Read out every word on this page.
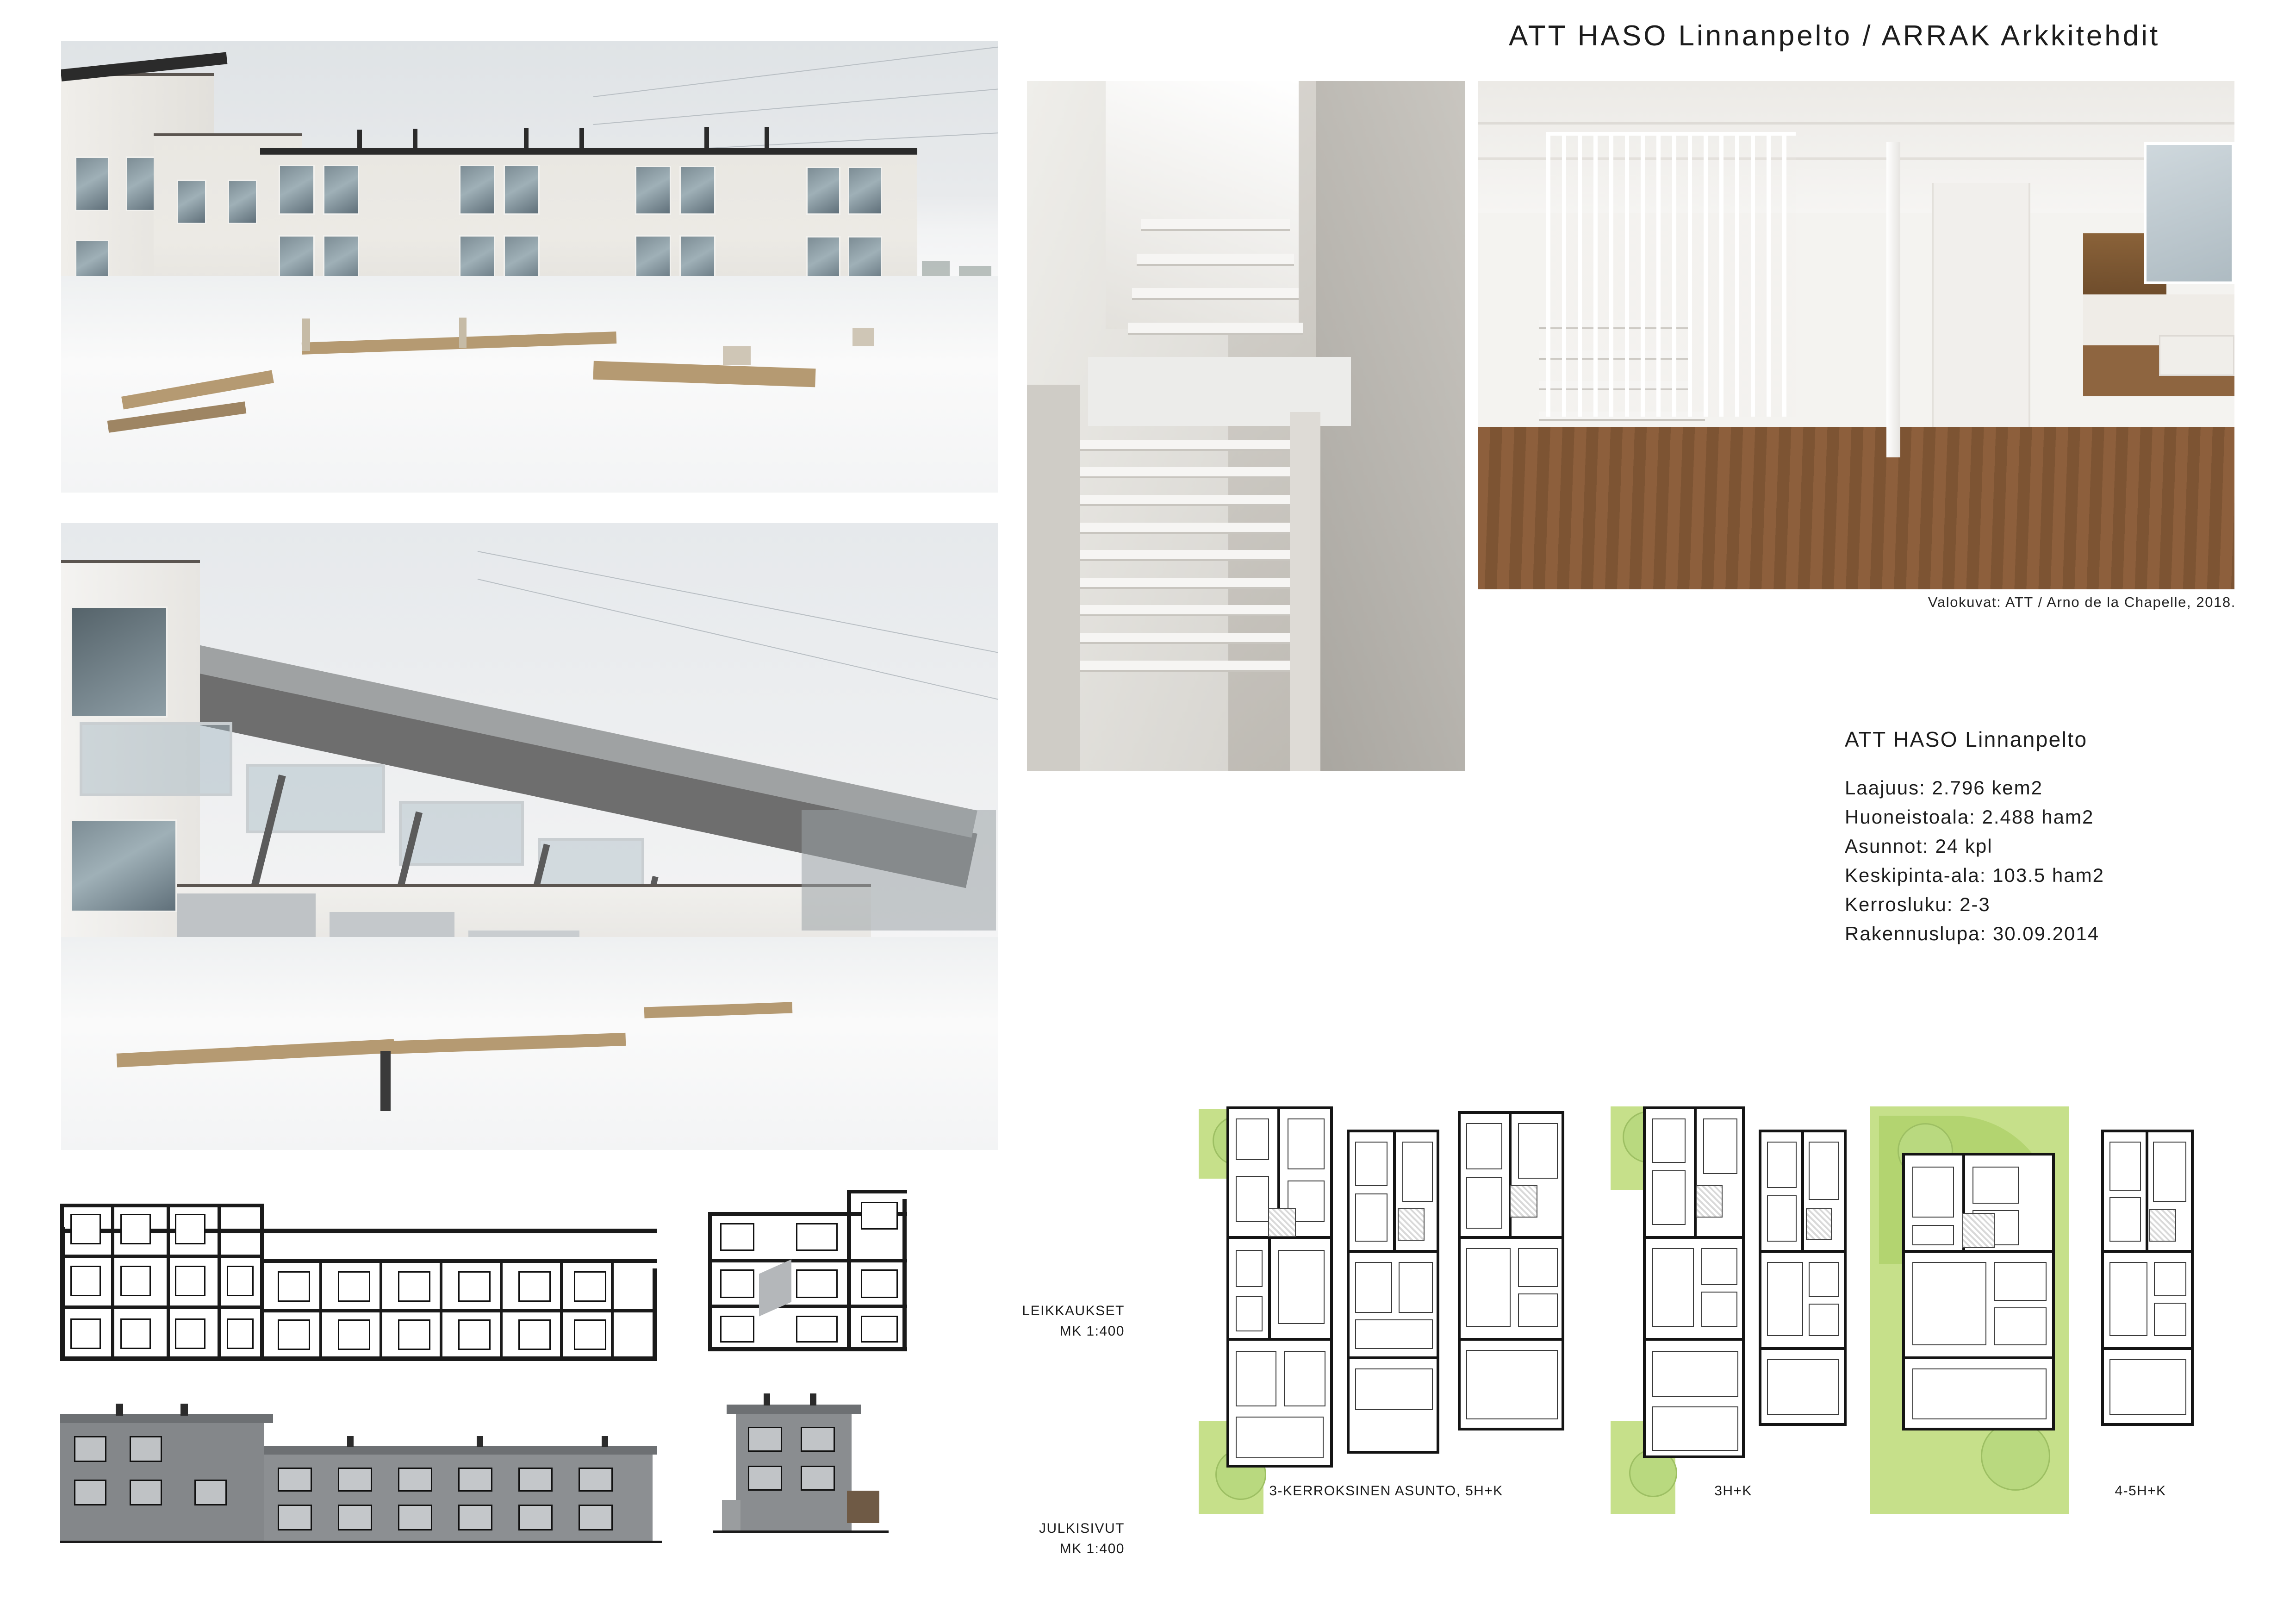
ATT HASO Linnanpelto / ARRAK Arkkitehdit
Valokuvat: ATT / Arno de la Chapelle, 2018.
ATT HASO Linnanpelto
Laajuus: 2.796 kem2
Huoneistoala: 2.488 ham2
Asunnot: 24 kpl
Keskipinta-ala: 103.5 ham2
Kerrosluku: 2-3
Rakennuslupa: 30.09.2014
LEIKKAUKSET
MK 1:400
JULKISIVUT
MK 1:400
3-KERROKSINEN ASUNTO, 5H+K	3H+K	4-5H+K
